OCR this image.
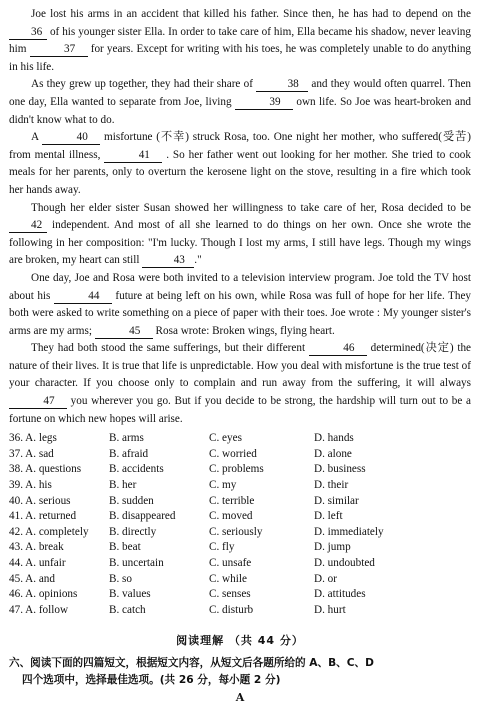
Joe lost his arms in an accident that killed his father. Since then, he has had to depend on the 36 of his younger sister Ella. In order to take care of him, Ella became his shadow, never leaving him	37 for years. Except for writing with his toes, he was completely unable to do anything in his life.

As they grew up together, they had their share of	38 and they would often quarrel. Then one day, Ella wanted to separate from Joe, living	39 own life. So Joe was heart-broken and didn't know what to do.

A	40 misfortune (不幸) struck Rosa, too. One night her mother, who suffered(受苦) from mental illness,	41 . So her father went out looking for her mother. She tried to cook meals for her parents, only to overturn the kerosene light on the stove, resulting in a fire which took her hands away.

Though her elder sister Susan showed her willingness to take care of her, Rosa decided to be 42 independent. And most of all she learned to do things on her own. Once she wrote the following in her composition: "I'm lucky. Though I lost my arms, I still have legs. Though my wings are broken, my heart can still	43 ."

One day, Joe and Rosa were both invited to a television interview program. Joe told the TV host about his	44 future at being left on his own, while Rosa was full of hope for her life. They both were asked to write something on a piece of paper with their toes. Joe wrote : My younger sister's arms are my arms;	45 Rosa wrote: Broken wings, flying heart.

They had both stood the same sufferings, but their different	46 determined(决定) the nature of their lives. It is true that life is unpredictable. How you deal with misfortune is the true test of your character. If you choose only to complain and run away from the suffering, it will always 47 you wherever you go. But if you decide to be strong, the hardship will turn out to be a fortune on which new hopes will arise.

36. A. legs	B. arms	C. eyes	D. hands
37. A. sad	B. afraid	C. worried	D. alone
38. A. questions	B. accidents	C. problems	D. business
39. A. his	B. her	C. my	D. their
40. A. serious	B. sudden	C. terrible	D. similar
41. A. returned	B. disappeared	C. moved	D. left
42. A. completely	B. directly	C. seriously	D. immediately
43. A. break	B. beat	C. fly	D. jump
44. A. unfair	B. uncertain	C. unsafe	D. undoubted
45. A. and	B. so	C. while	D. or
46. A. opinions	B. values	C. senses	D. attitudes
47. A. follow	B. catch	C. disturb	D. hurt
阅读理解 （共 44 分）
六、阅读下面的四篇短文，根据短文内容，从短文后各题所给的 A、B、C、D
四个选项中，选择最佳选项。(共 26 分，每小题 2 分)
A
